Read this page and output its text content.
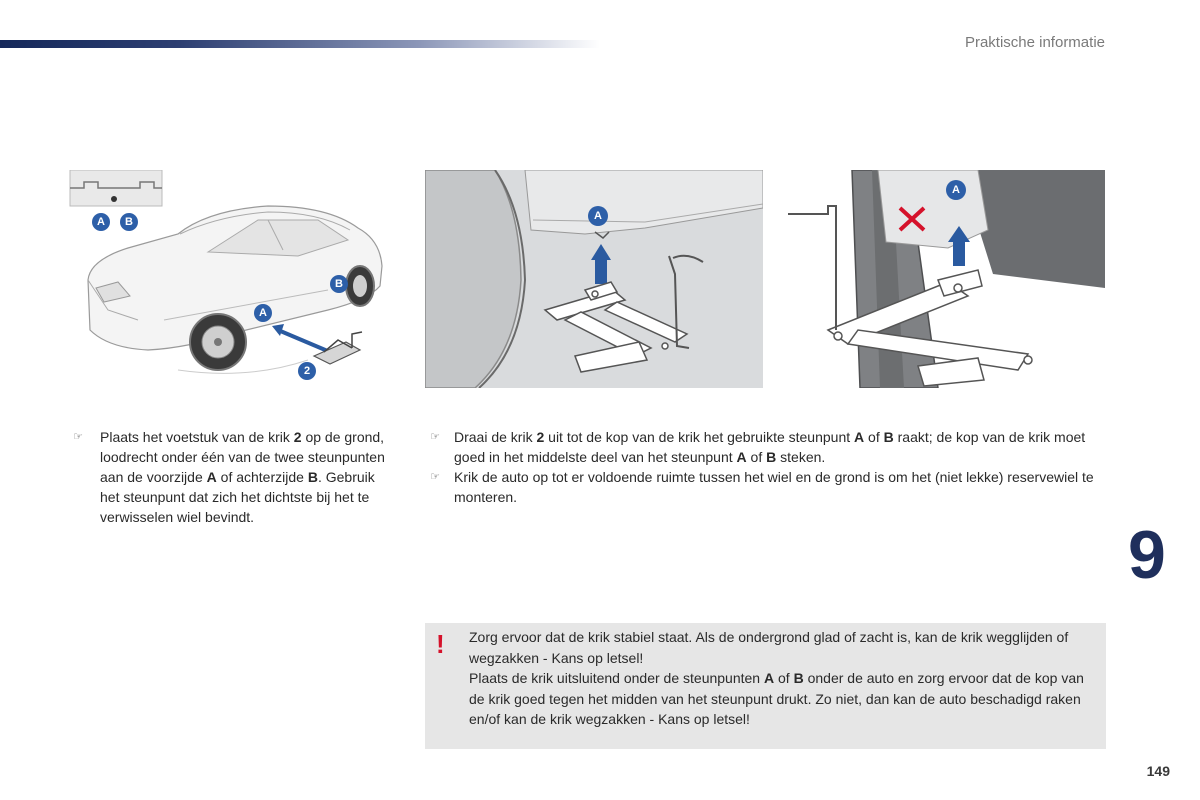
Praktische informatie
A	B
B
A
2
A
A
☞	Plaats het voetstuk van de krik 2 op de grond, loodrecht onder één van de twee steunpunten aan de voorzijde A of achterzijde B. Gebruik het steunpunt dat zich het dichtste bij het te verwisselen wiel bevindt.
☞	Draai de krik 2 uit tot de kop van de krik het gebruikte steunpunt A of B raakt; de kop van de krik moet goed in het middelste deel van het steunpunt A of B steken.
☞	Krik de auto op tot er voldoende ruimte tussen het wiel en de grond is om het (niet lekke) reservewiel te monteren.
9
! Zorg ervoor dat de krik stabiel staat. Als de ondergrond glad of zacht is, kan de krik wegglijden of wegzakken - Kans op letsel!

Plaats de krik uitsluitend onder de steunpunten A of B onder de auto en zorg ervoor dat de kop van de krik goed tegen het midden van het steunpunt drukt. Zo niet, dan kan de auto beschadigd raken en/of kan de krik wegzakken - Kans op letsel!

149
